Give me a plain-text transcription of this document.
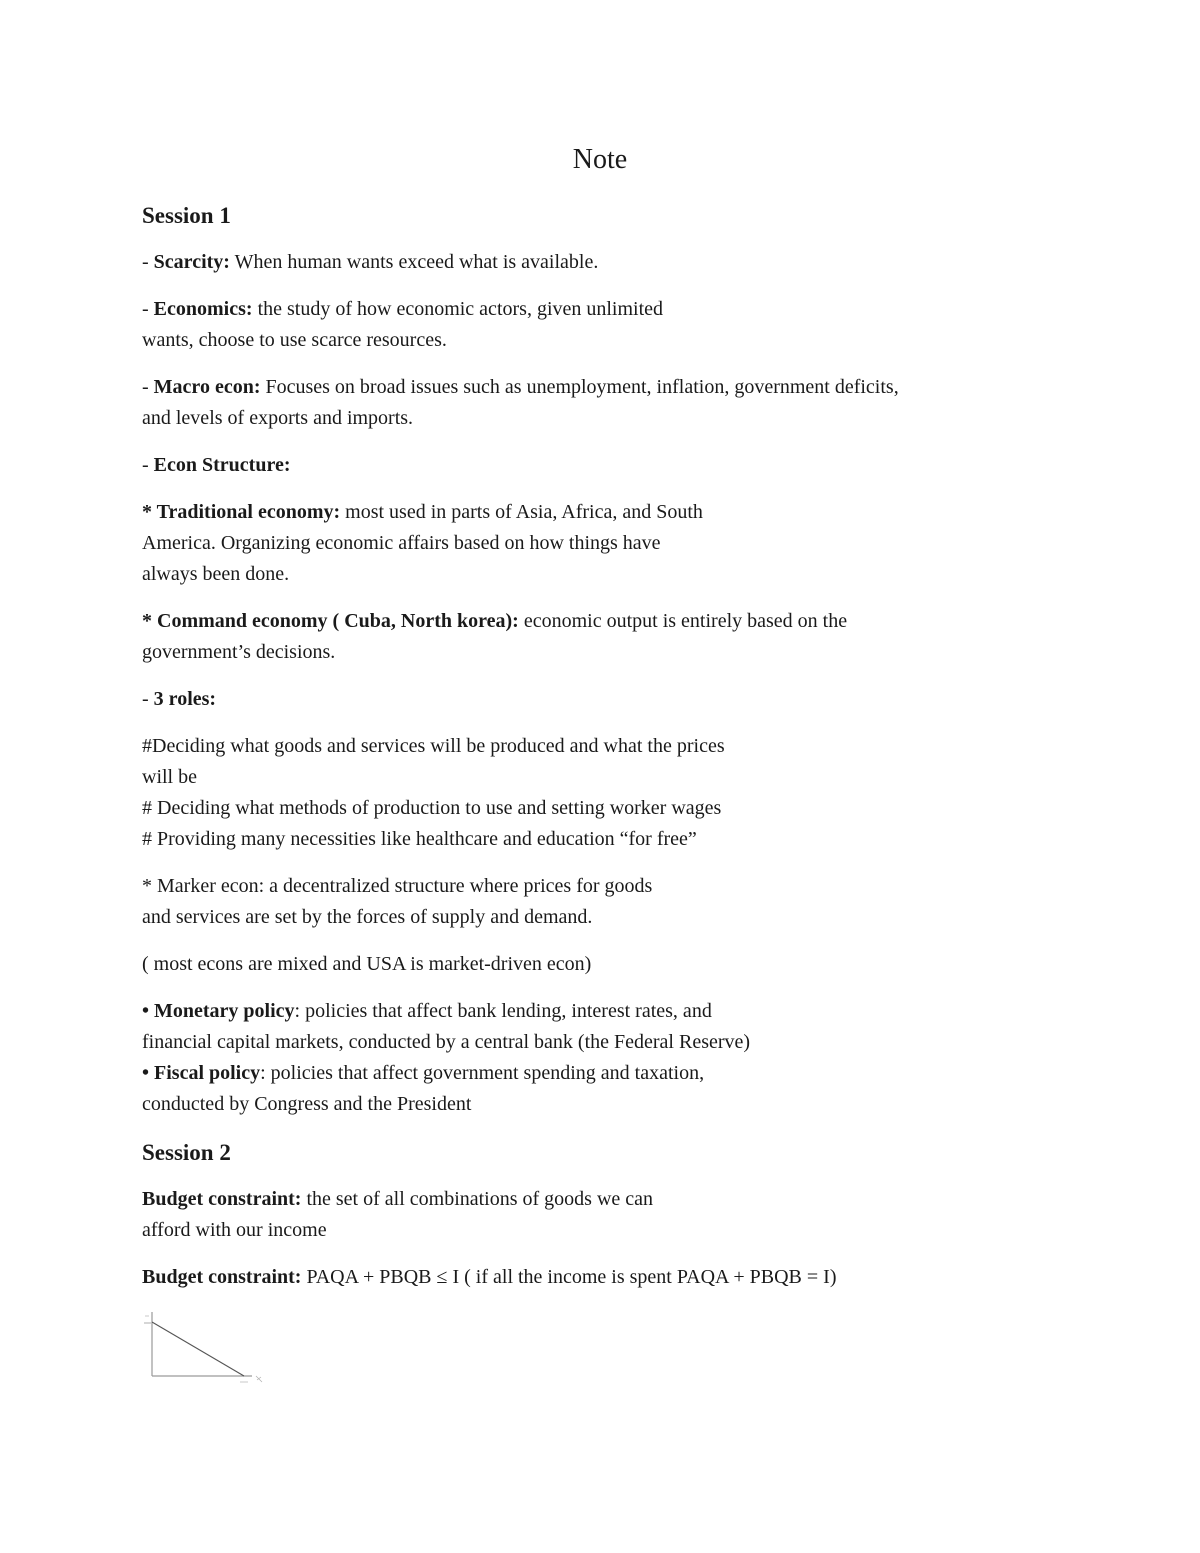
Note

Session 1

- Scarcity: When human wants exceed what is available.

- Economics: the study of how economic actors, given unlimited

wants, choose to use scarce resources.

- Macro econ: Focuses on broad issues such as unemployment, inflation, government deficits,

and levels of exports and imports.

- Econ Structure:

* Traditional economy: most used in parts of Asia, Africa, and South

America. Organizing economic affairs based on how things have

always been done.

* Command economy ( Cuba, North korea): economic output is entirely based on the

government’s decisions.

- 3 roles:

#Deciding what goods and services will be produced and what the prices

will be

# Deciding what methods of production to use and setting worker wages

# Providing many necessities like healthcare and education “for free”

* Marker econ: a decentralized structure where prices for goods

and services are set by the forces of supply and demand.

( most econs are mixed and USA is market-driven econ)

• Monetary policy: policies that affect bank lending, interest rates, and

financial capital markets, conducted by a central bank (the Federal Reserve)

• Fiscal policy: policies that affect government spending and taxation,

conducted by Congress and the President

Session 2

Budget constraint: the set of all combinations of goods we can

afford with our income

Budget constraint: PAQA + PBQB ≤ I ( if all the income is spent PAQA + PBQB = I)
